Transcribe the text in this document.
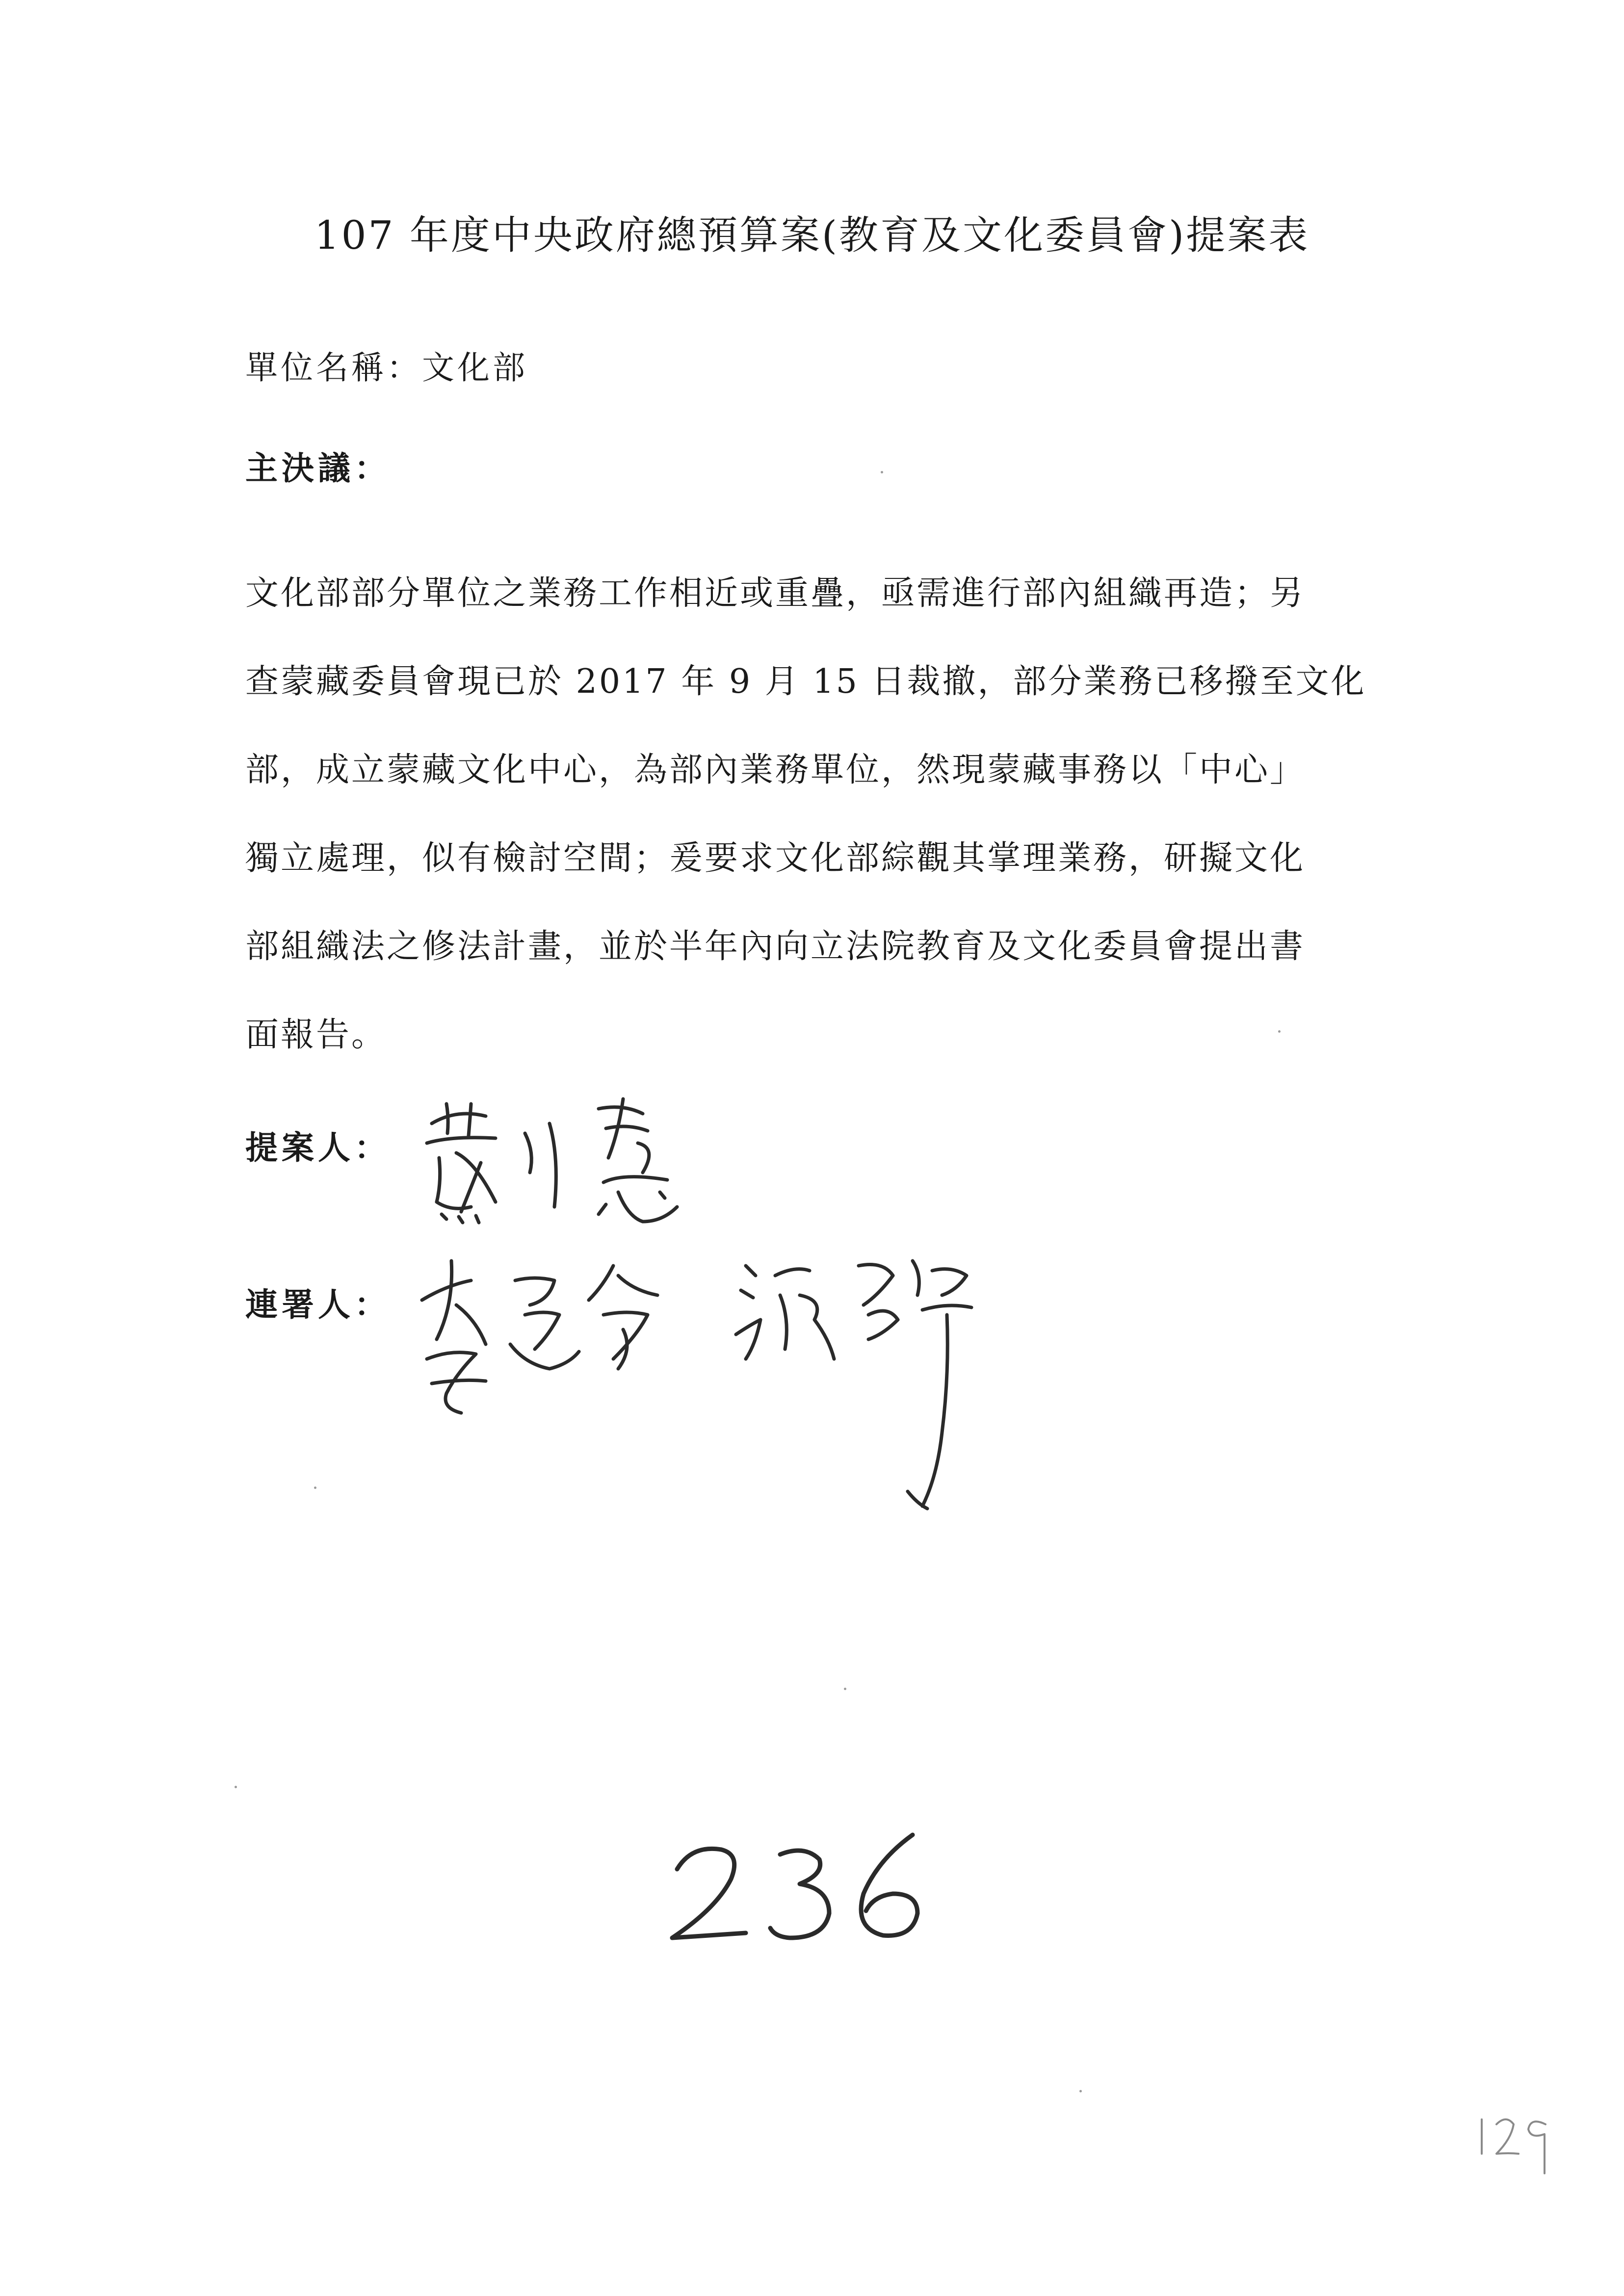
107 年度中央政府總預算案(教育及文化委員會)提案表
單位名稱：文化部
主決議：
文化部部分單位之業務工作相近或重疊，亟需進行部內組織再造；另
查蒙藏委員會現已於 2017 年 9 月 15 日裁撤，部分業務已移撥至文化
部，成立蒙藏文化中心，為部內業務單位，然現蒙藏事務以「中心」
獨立處理，似有檢討空間；爰要求文化部綜觀其掌理業務，研擬文化
部組織法之修法計畫，並於半年內向立法院教育及文化委員會提出書
面報告。
提案人：
連署人：
